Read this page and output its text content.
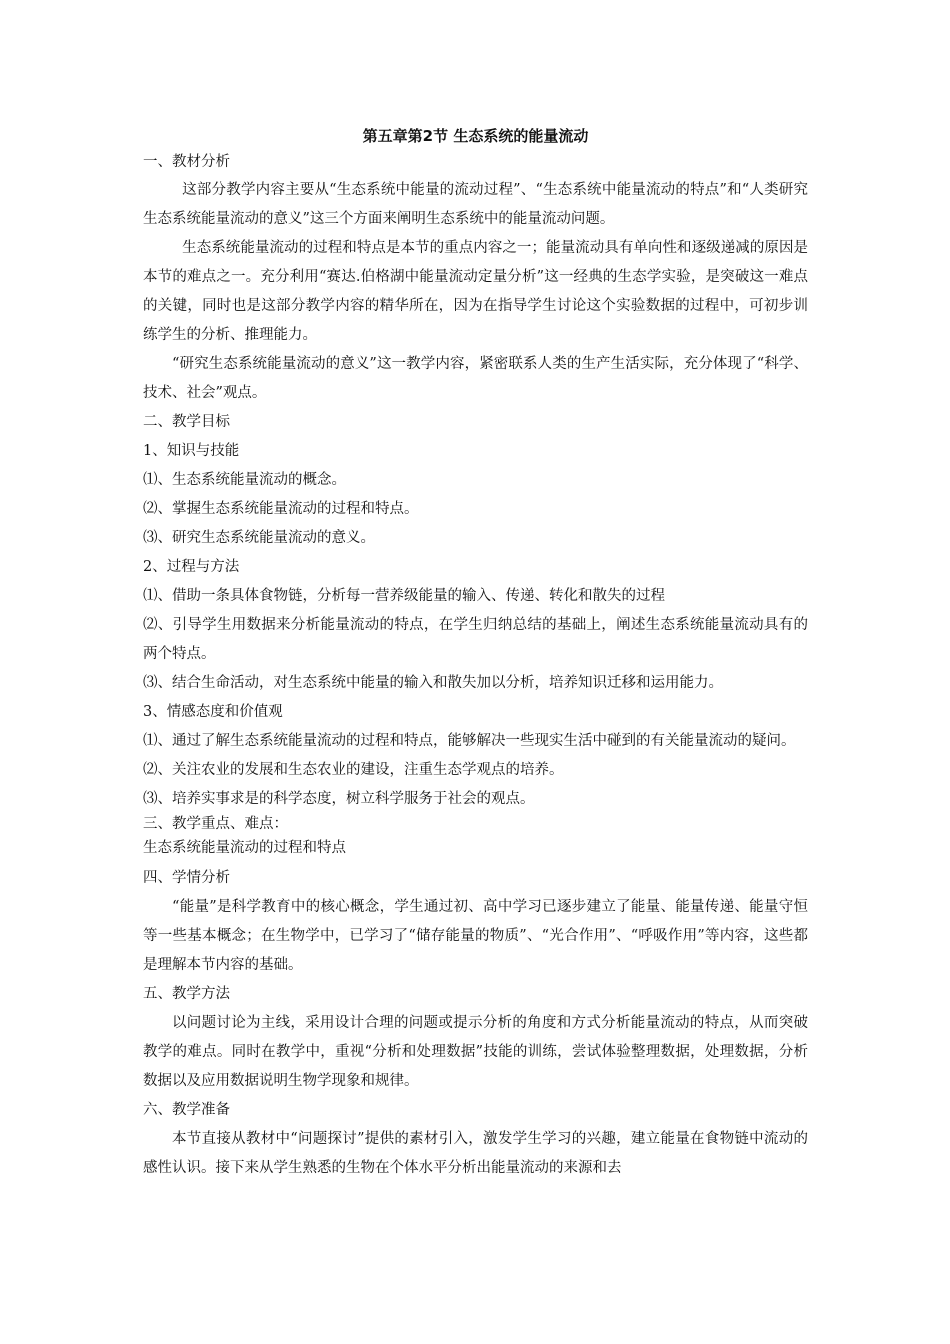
第五章第2节 生态系统的能量流动
一、教材分析

这部分教学内容主要从“生态系统中能量的流动过程”、“生态系统中能量流动的特点”和“人类研究生态系统能量流动的意义”这三个方面来阐明生态系统中的能量流动问题。

生态系统能量流动的过程和特点是本节的重点内容之一；能量流动具有单向性和逐级递减的原因是本节的难点之一。充分利用“赛达.伯格湖中能量流动定量分析”这一经典的生态学实验，是突破这一难点的关键，同时也是这部分教学内容的精华所在，因为在指导学生讨论这个实验数据的过程中，可初步训练学生的分析、推理能力。

“研究生态系统能量流动的意义”这一教学内容，紧密联系人类的生产生活实际，充分体现了“科学、技术、社会”观点。

二、教学目标
1、知识与技能
⑴、生态系统能量流动的概念。
⑵、掌握生态系统能量流动的过程和特点。
⑶、研究生态系统能量流动的意义。
2、过程与方法
⑴、借助一条具体食物链，分析每一营养级能量的输入、传递、转化和散失的过程
⑵、引导学生用数据来分析能量流动的特点，在学生归纳总结的基础上，阐述生态系统能量流动具有的两个特点。
⑶、结合生命活动，对生态系统中能量的输入和散失加以分析，培养知识迁移和运用能力。
3、情感态度和价值观
⑴、通过了解生态系统能量流动的过程和特点，能够解决一些现实生活中碰到的有关能量流动的疑问。
⑵、关注农业的发展和生态农业的建设，注重生态学观点的培养。
⑶、培养实事求是的科学态度，树立科学服务于社会的观点。
三、教学重点、难点：
生态系统能量流动的过程和特点
四、学情分析

“能量”是科学教育中的核心概念，学生通过初、高中学习已逐步建立了能量、能量传递、能量守恒等一些基本概念；在生物学中，已学习了“储存能量的物质”、“光合作用”、“呼吸作用”等内容，这些都是理解本节内容的基础。

五、教学方法

以问题讨论为主线，采用设计合理的问题或提示分析的角度和方式分析能量流动的特点，从而突破教学的难点。同时在教学中，重视“分析和处理数据”技能的训练，尝试体验整理数据，处理数据，分析数据以及应用数据说明生物学现象和规律。

六、教学准备

本节直接从教材中“问题探讨”提供的素材引入，激发学生学习的兴趣，建立能量在食物链中流动的感性认识。接下来从学生熟悉的生物在个体水平分析出能量流动的来源和去
